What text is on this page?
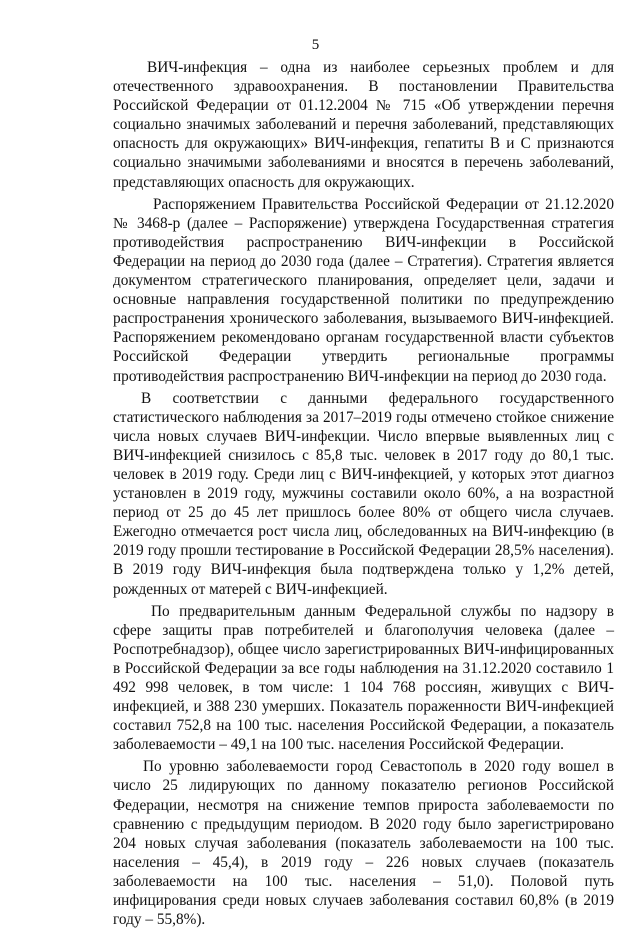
5

ВИЧ-инфекция – одна из наиболее серьезных проблем и для отечественного здравоохранения. В постановлении Правительства Российской Федерации от 01.12.2004 № 715 «Об утверждении перечня социально значимых заболеваний и перечня заболеваний, представляющих опасность для окружающих» ВИЧ-инфекция, гепатиты В и С признаются социально значимыми заболеваниями и вносятся в перечень заболеваний, представляющих опасность для окружающих.

Распоряжением Правительства Российской Федерации от 21.12.2020 № 3468-р (далее – Распоряжение) утверждена Государственная стратегия противодействия распространению ВИЧ-инфекции в Российской Федерации на период до 2030 года (далее – Стратегия). Стратегия является документом стратегического планирования, определяет цели, задачи и основные направления государственной политики по предупреждению распространения хронического заболевания, вызываемого ВИЧ-инфекцией. Распоряжением рекомендовано органам государственной власти субъектов Российской Федерации утвердить региональные программы противодействия распространению ВИЧ-инфекции на период до 2030 года.

В соответствии с данными федерального государственного статистического наблюдения за 2017–2019 годы отмечено стойкое снижение числа новых случаев ВИЧ-инфекции. Число впервые выявленных лиц с ВИЧ-инфекцией снизилось с 85,8 тыс. человек в 2017 году до 80,1 тыс. человек в 2019 году. Среди лиц с ВИЧ-инфекцией, у которых этот диагноз установлен в 2019 году, мужчины составили около 60%, а на возрастной период от 25 до 45 лет пришлось более 80% от общего числа случаев. Ежегодно отмечается рост числа лиц, обследованных на ВИЧ-инфекцию (в 2019 году прошли тестирование в Российской Федерации 28,5% населения). В 2019 году ВИЧ-инфекция была подтверждена только у 1,2% детей, рожденных от матерей с ВИЧ-инфекцией.

По предварительным данным Федеральной службы по надзору в сфере защиты прав потребителей и благополучия человека (далее – Роспотребнадзор), общее число зарегистрированных ВИЧ-инфицированных в Российской Федерации за все годы наблюдения на 31.12.2020 составило 1 492 998 человек, в том числе: 1 104 768 россиян, живущих с ВИЧ-инфекцией, и 388 230 умерших. Показатель пораженности ВИЧ-инфекцией составил 752,8 на 100 тыс. населения Российской Федерации, а показатель заболеваемости – 49,1 на 100 тыс. населения Российской Федерации.

По уровню заболеваемости город Севастополь в 2020 году вошел в число 25 лидирующих по данному показателю регионов Российской Федерации, несмотря на снижение темпов прироста заболеваемости по сравнению с предыдущим периодом. В 2020 году было зарегистрировано 204 новых случая заболевания (показатель заболеваемости на 100 тыс. населения – 45,4), в 2019 году – 226 новых случаев (показатель заболеваемости на 100 тыс. населения – 51,0). Половой путь инфицирования среди новых случаев заболевания составил 60,8% (в 2019 году – 55,8%).
